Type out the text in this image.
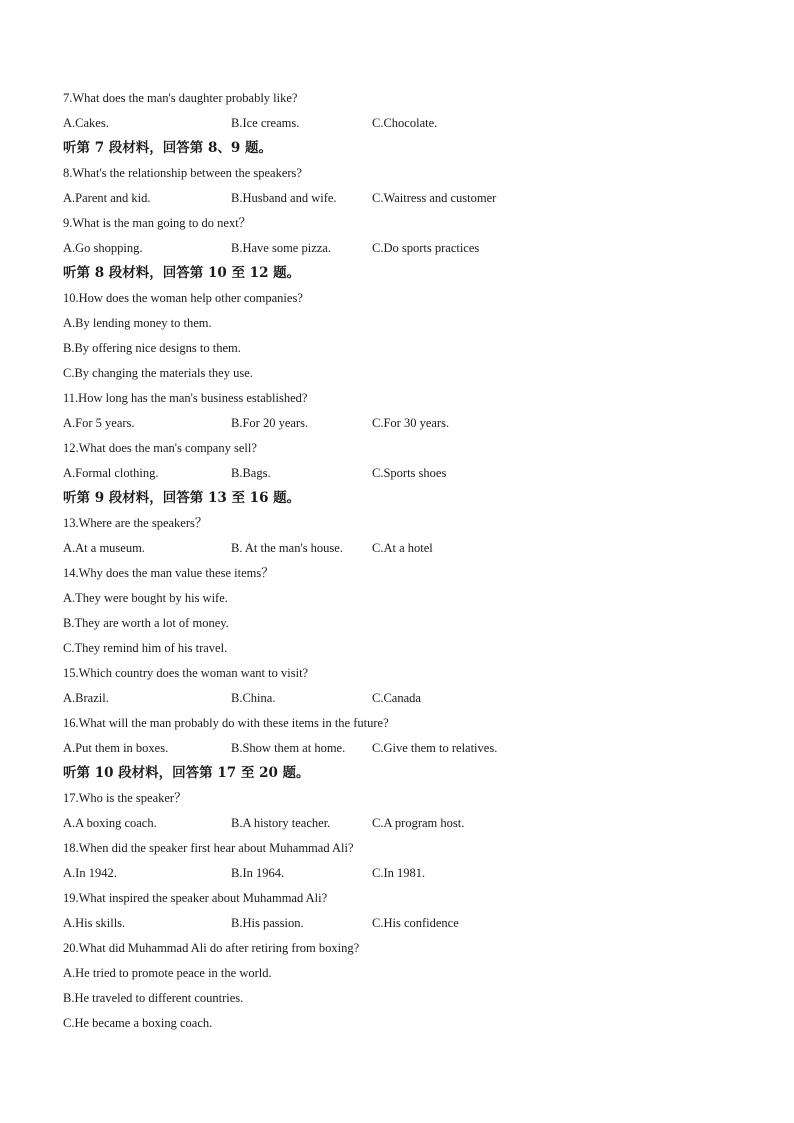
7.What does the man's daughter probably like?
A.Cakes.	B.Ice creams.	C.Chocolate.
听第 7 段材料，回答第 8、9 题。
8.What's the relationship between the speakers?
A.Parent and kid.	B.Husband and wife.	C.Waitress and customer
9.What is the man going to do next？
A.Go shopping.	B.Have some pizza.	C.Do sports practices
听第 8 段材料，回答第 10 至 12 题。
10.How does the woman help other companies?
A.By lending money to them.
B.By offering nice designs to them.
C.By changing the materials they use.
11.How long has the man's business established?
A.For 5 years.	B.For 20 years.	C.For 30 years.
12.What does the man's company sell?
A.Formal clothing.	B.Bags.	C.Sports shoes
听第 9 段材料，回答第 13 至 16 题。
13.Where are the speakers？
A.At a museum.	B. At the man's house. C.At a hotel
14.Why does the man value these items？
A.They were bought by his wife.
B.They are worth a lot of money.
C.They remind him of his travel.
15.Which country does the woman want to visit?
A.Brazil.	B.China.	C.Canada
16.What will the man probably do with these items in the future?
A.Put them in boxes.	B.Show them at home. C.Give them to relatives.
听第 10 段材料，回答第 17 至 20 题。
17.Who is the speaker？
A.A boxing coach.	B.A history teacher.	C.A program host.
18.When did the speaker first hear about Muhammad Ali?
A.In 1942.	B.In 1964.	C.In 1981.
19.What inspired the speaker about Muhammad Ali?
A.His skills.	B.His passion.	C.His confidence
20.What did Muhammad Ali do after retiring from boxing?
A.He tried to promote peace in the world.
B.He traveled to different countries.
C.He became a boxing coach.
